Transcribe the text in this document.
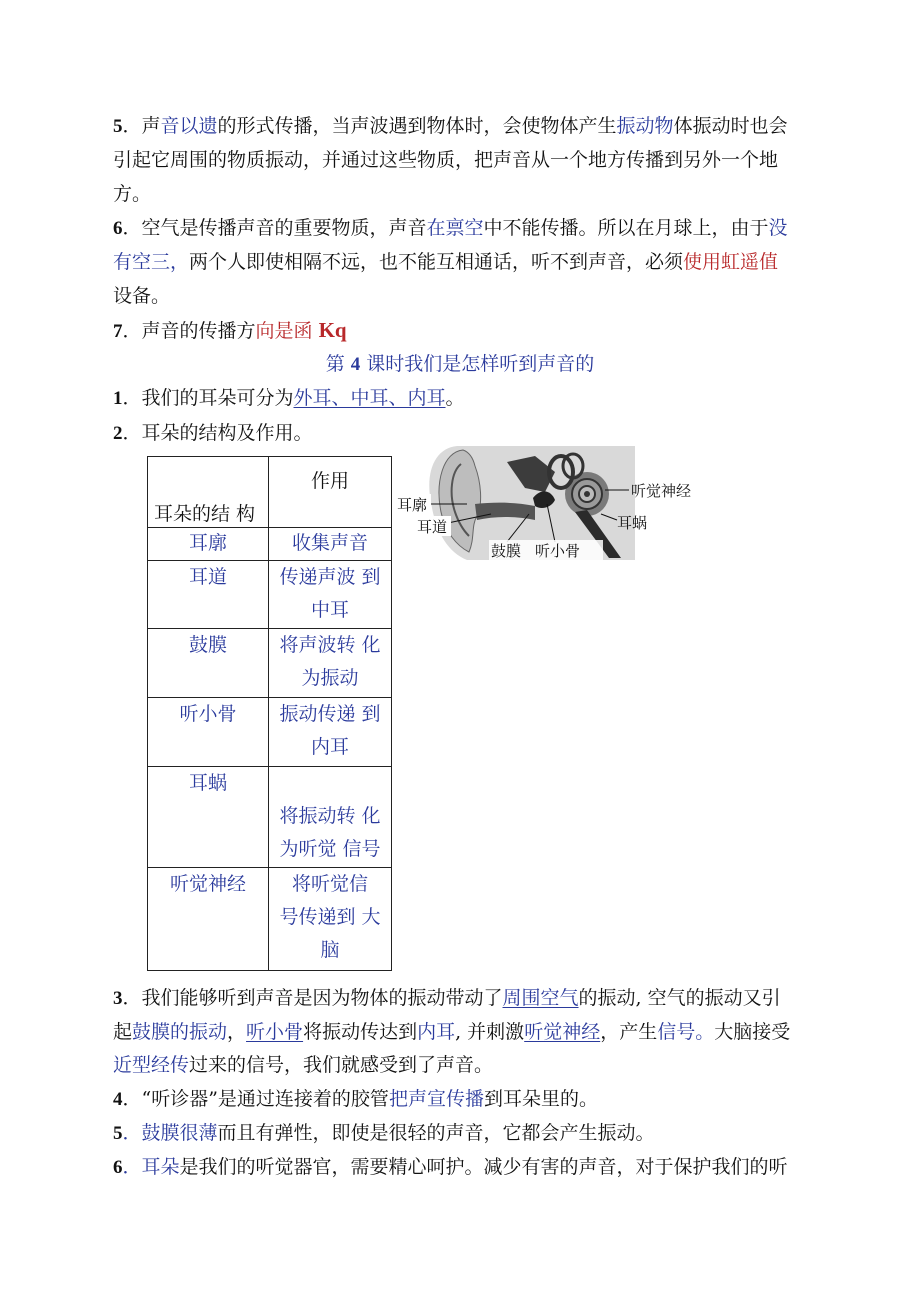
5．声音以遗的形式传播，当声波遇到物体时，会使物体产生振动物体振动时也会
引起它周围的物质振动，并通过这些物质，把声音从一个地方传播到另外一个地
方。
6．空气是传播声音的重要物质，声音在禀空中不能传播。所以在月球上，由于没
有空三，两个人即使相隔不远，也不能互相通话，听不到声音，必须使用虹遥值
设备。
7．声音的传播方向是函 Kq
第 4 课时我们是怎样听到声音的
1．我们的耳朵可分为外耳、中耳、内耳。
2．耳朵的结构及作用。
耳朵的结 构	作用

耳廓	收集声音

耳道	传递声波 到
中耳

鼓膜	将声波转 化
为振动

听小骨	振动传递 到
内耳

耳蜗	将振动转 化
为听觉 信号

听觉神经	将听觉信
号传递到 大
脑
耳廓
耳道
鼓膜 听小骨
听觉神经
耳蜗
3．我们能够听到声音是因为物体的振动带动了周围空气的振动, 空气的振动又引
起鼓膜的振动，听小骨将振动传达到内耳, 并刺激听觉神经，产生信号。大脑接受
近型经传过来的信号，我们就感受到了声音。
4．“听诊器”是通过连接着的胶管把声宣传播到耳朵里的。
5．鼓膜很薄而且有弹性，即使是很轻的声音，它都会产生振动。
6．耳朵是我们的听觉器官，需要精心呵护。减少有害的声音，对于保护我们的听
